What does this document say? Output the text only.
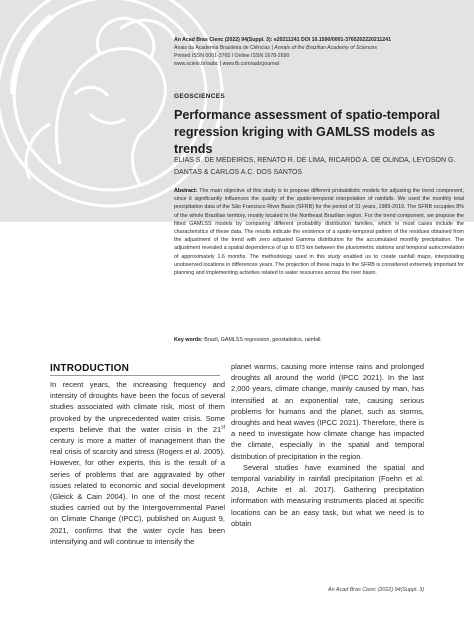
An Acad Bras Cienc (2022) 94(Suppl. 3): e20211241 DOI 10.1590/0001-3765202220211241
Anais da Academia Brasileira de Ciências | Annals of the Brazilian Academy of Sciences
Printed ISSN 0001-3765 I Online ISSN 1678-2690
www.scielo.br/aabc | www.fb.com/aabcjournal
GEOSCIENCES
Performance assessment of spatio-temporal regression kriging with GAMLSS models as trends
ELIAS S. DE MEDEIROS, RENATO R. DE LIMA, RICARDO A. DE OLINDA, LEYDSON G. DANTAS & CARLOS A.C. DOS SANTOS
Abstract: The main objective of this study is to propose different probabilistic models for adjusting the trend component, since it significantly influences the quality of the spatio-temporal interpolation of rainfalls. We used the monthly total precipitation data of the São Francisco River Basin (SFRB) for the period of 31 years, 1989-2019. The SFRB occupies 8% of the whole Brazilian territory, mostly located in the Northeast Brazilian region. For the trend component, we propose the fitted GAMLSS models by comparing different probability distribution families, which in most cases include the characteristics of these data. The results indicate the existence of a spatio-temporal pattern of the residues obtained from the adjustment of the trend with zero adjusted Gamma distribution for the accumulated monthly precipitation. The adjustment revealed a spatial dependence of up to 873 km between the pluviometric stations and temporal autocorrelation of approximately 1.6 months. The methodology used in this study enabled us to create rainfall maps, interpolating unobserved locations in differences years. The projection of these maps to the SFRB is considered extremely important for planning and implementing activities related to water resources across the river basin.
Key words: Brazil, GAMLSS regression, geostatistics, rainfall.
INTRODUCTION

In recent years, the increasing frequency and intensity of droughts have been the focus of several studies associated with climate risk, most of them provoked by the unprecedented water crisis. Some experts believe that the water crisis in the 21st century is more a matter of management than the real crisis of scarcity and stress (Rogers et al. 2005). However, for other experts, this is the result of a series of problems that are aggravated by other issues related to economic and social development (Gleick & Cain 2004). In one of the most recent studies carried out by the Intergovernmental Panel on Climate Change (IPCC), published on August 9, 2021, confirms that the water cycle has been intensifying and will continue to intensify the

planet warms, causing more intense rains and prolonged droughts all around the world (IPCC 2021). In the last 2,000 years, climate change, mainly caused by man, has intensified at an exponential rate, causing serious problems for humans and the planet, such as storms, droughts and heat waves (IPCC 2021). Therefore, there is a need to investigate how climate change has impacted the climate, especially in the spatial and temporal distribution of precipitation in the region.

Several studies have examined the spatial and temporal variability in rainfall precipitation (Foehn et al. 2018, Achite et al. 2017). Gathering precipitation information with measuring instruments placed at specific locations can be an easy task, but what we need is to obtain

An Acad Bras Cienc (2022) 94(Suppl. 3)
